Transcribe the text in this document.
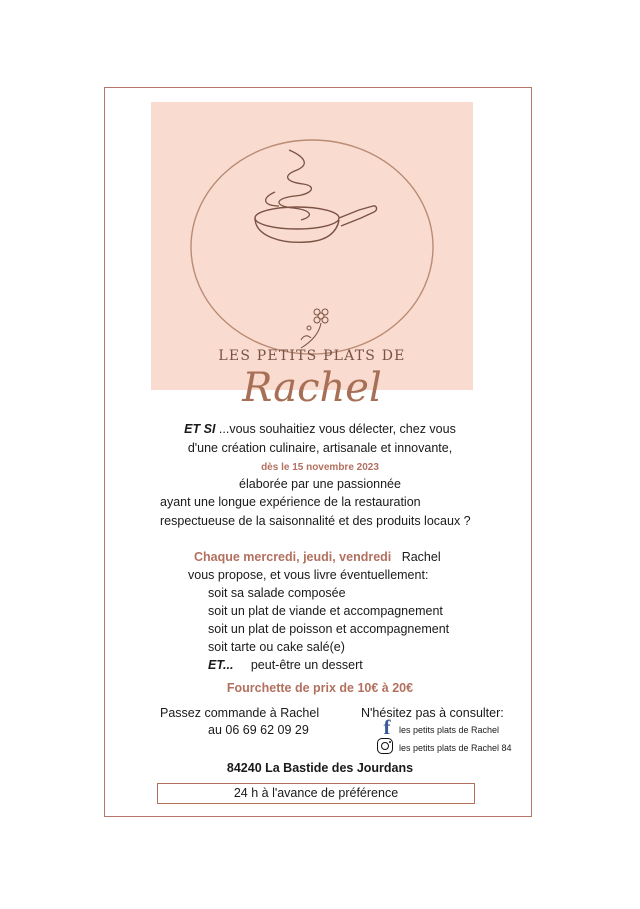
LES PETITS PLATS DE
Rachel
ET SI ...vous souhaitiez vous délecter, chez vous
d'une création culinaire, artisanale et innovante,
dès le 15 novembre 2023
élaborée par une passionnée
ayant une longue expérience de la restauration
respectueuse de la saisonnalité et des produits locaux ?
Chaque mercredi, jeudi, vendredi   Rachel
vous propose, et vous livre éventuellement:
soit sa salade composée
soit un plat de viande et accompagnement
soit un plat de poisson et accompagnement
soit tarte ou cake salé(e)
ET...     peut-être un dessert
Fourchette de prix de 10€ à 20€
Passez commande à Rachel
au 06 69 62 09 29
N'hésitez pas à consulter:
f les petits plats de Rachel
les petits plats de Rachel 84
84240 La Bastide des Jourdans
24 h à l'avance de préférence
